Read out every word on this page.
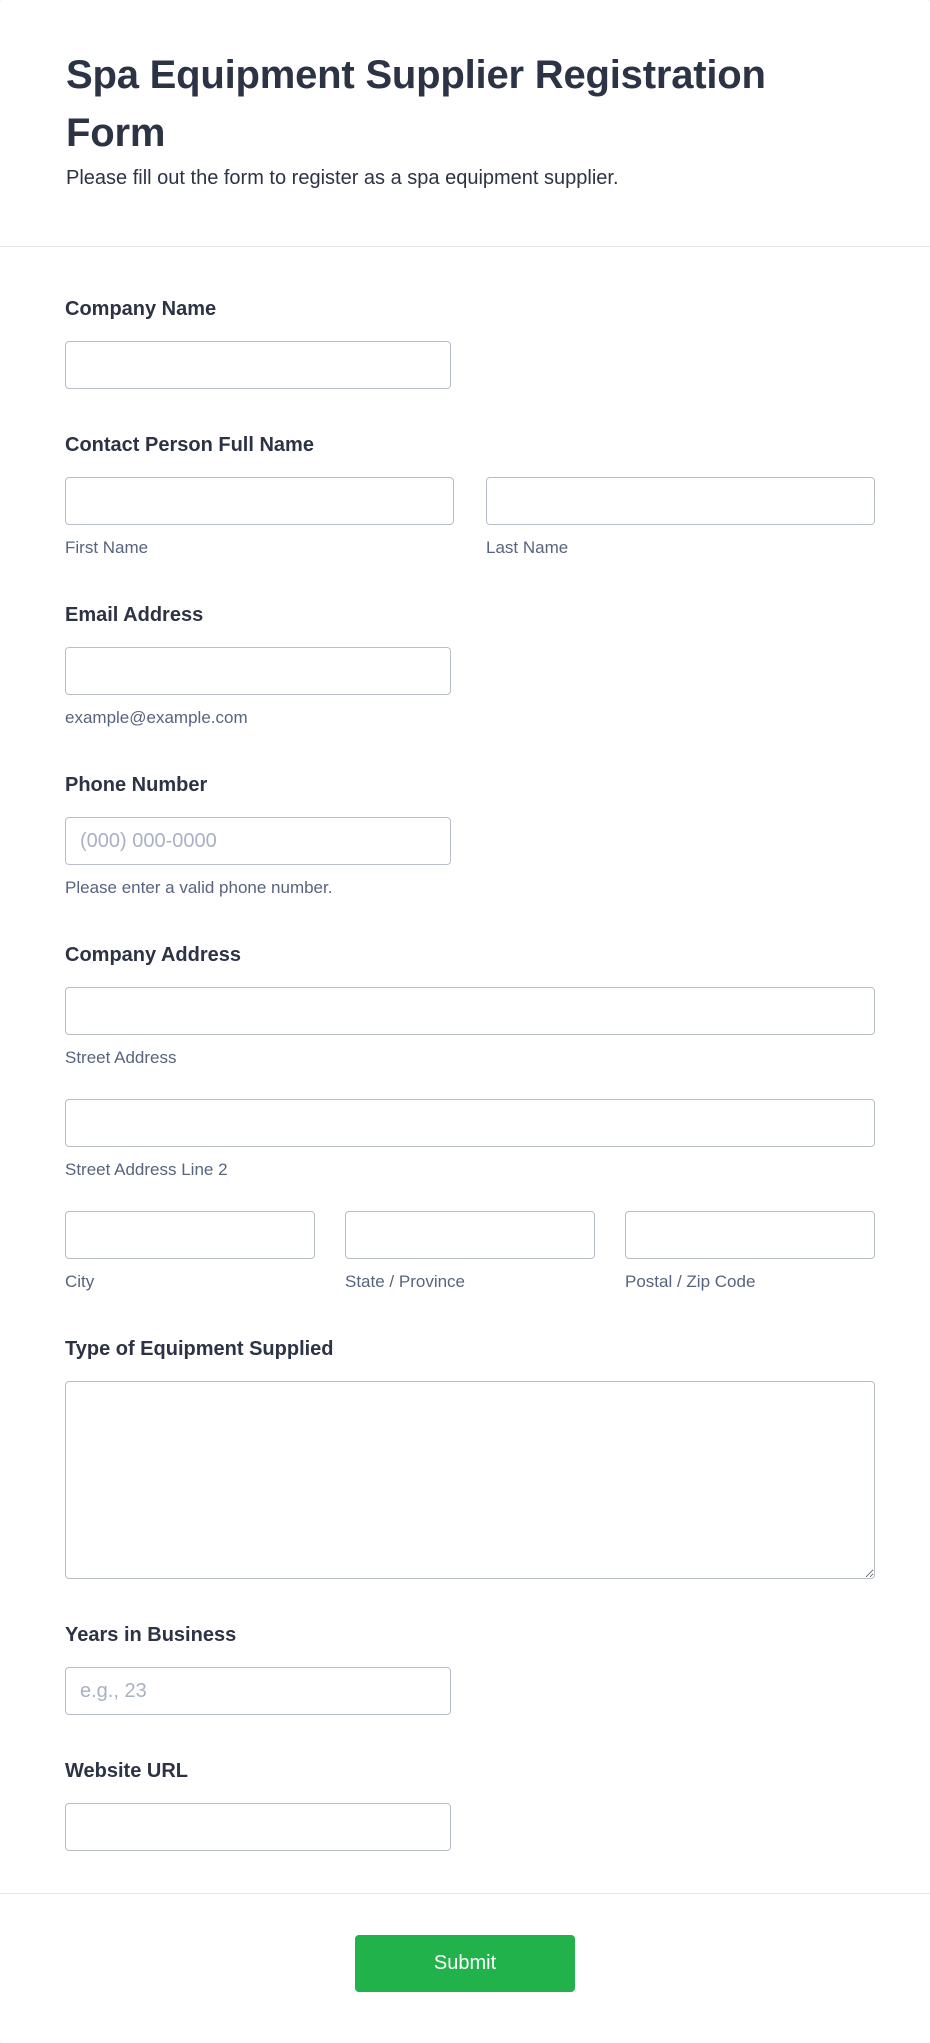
Spa Equipment Supplier Registration
Form

Please fill out the form to register as a spa equipment supplier.

Company Name
Contact Person Full Name
First Name	Last Name
Email Address
example@example.com
Phone Number
(000) 000-0000
Please enter a valid phone number.
Company Address
Street Address
Street Address Line 2
City	State / Province	Postal / Zip Code
Type of Equipment Supplied
Years in Business
e.g., 23
Website URL
Submit
